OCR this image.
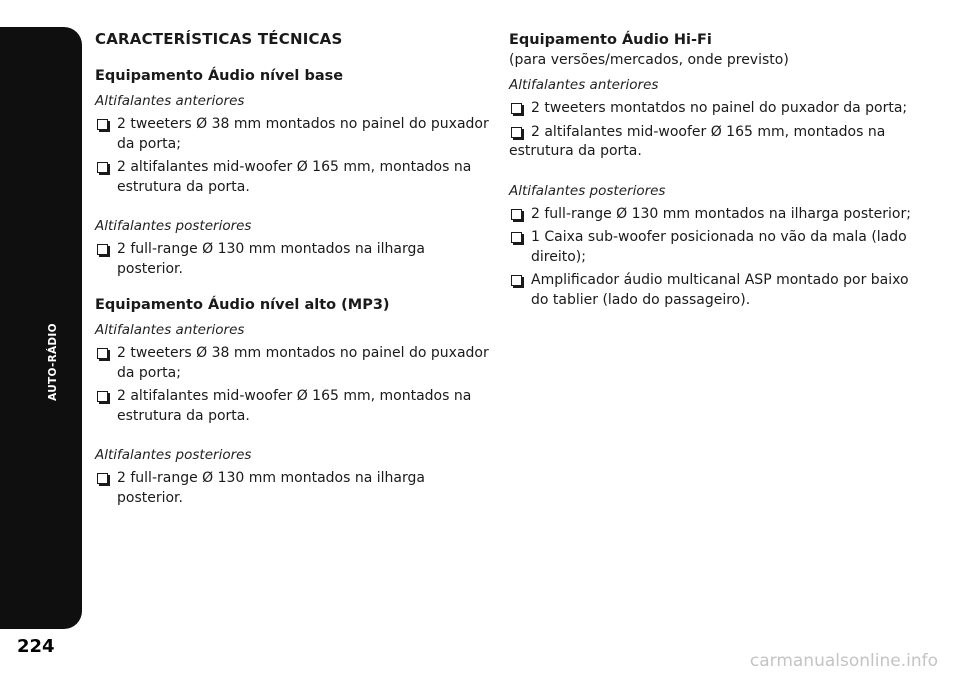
AUTO-RÁDIO
224
CARACTERÍSTICAS TÉCNICAS
Equipamento Áudio nível base
Altifalantes anteriores
2 tweeters Ø 38 mm montados no painel do puxador da porta;
2 altifalantes mid-woofer Ø 165 mm, montados na estrutura da porta.
Altifalantes posteriores
2 full-range Ø 130 mm montados na ilharga posterior.
Equipamento Áudio nível alto (MP3)
Altifalantes anteriores
2 tweeters Ø 38 mm montados no painel do puxador da porta;
2 altifalantes mid-woofer Ø 165 mm, montados na estrutura da porta.
Altifalantes posteriores
2 full-range Ø 130 mm montados na ilharga posterior.
Equipamento Áudio Hi-Fi
(para versões/mercados, onde previsto)
Altifalantes anteriores
2 tweeters montatdos no painel do puxador da porta;
2 altifalantes mid-woofer Ø 165 mm, montados na estrutura da porta.
Altifalantes posteriores
2 full-range Ø 130 mm montados na ilharga posterior;
1 Caixa sub-woofer posicionada no vão da mala (lado direito);
Amplificador áudio multicanal ASP montado por baixo do tablier (lado do passageiro).
carmanualsonline.info
